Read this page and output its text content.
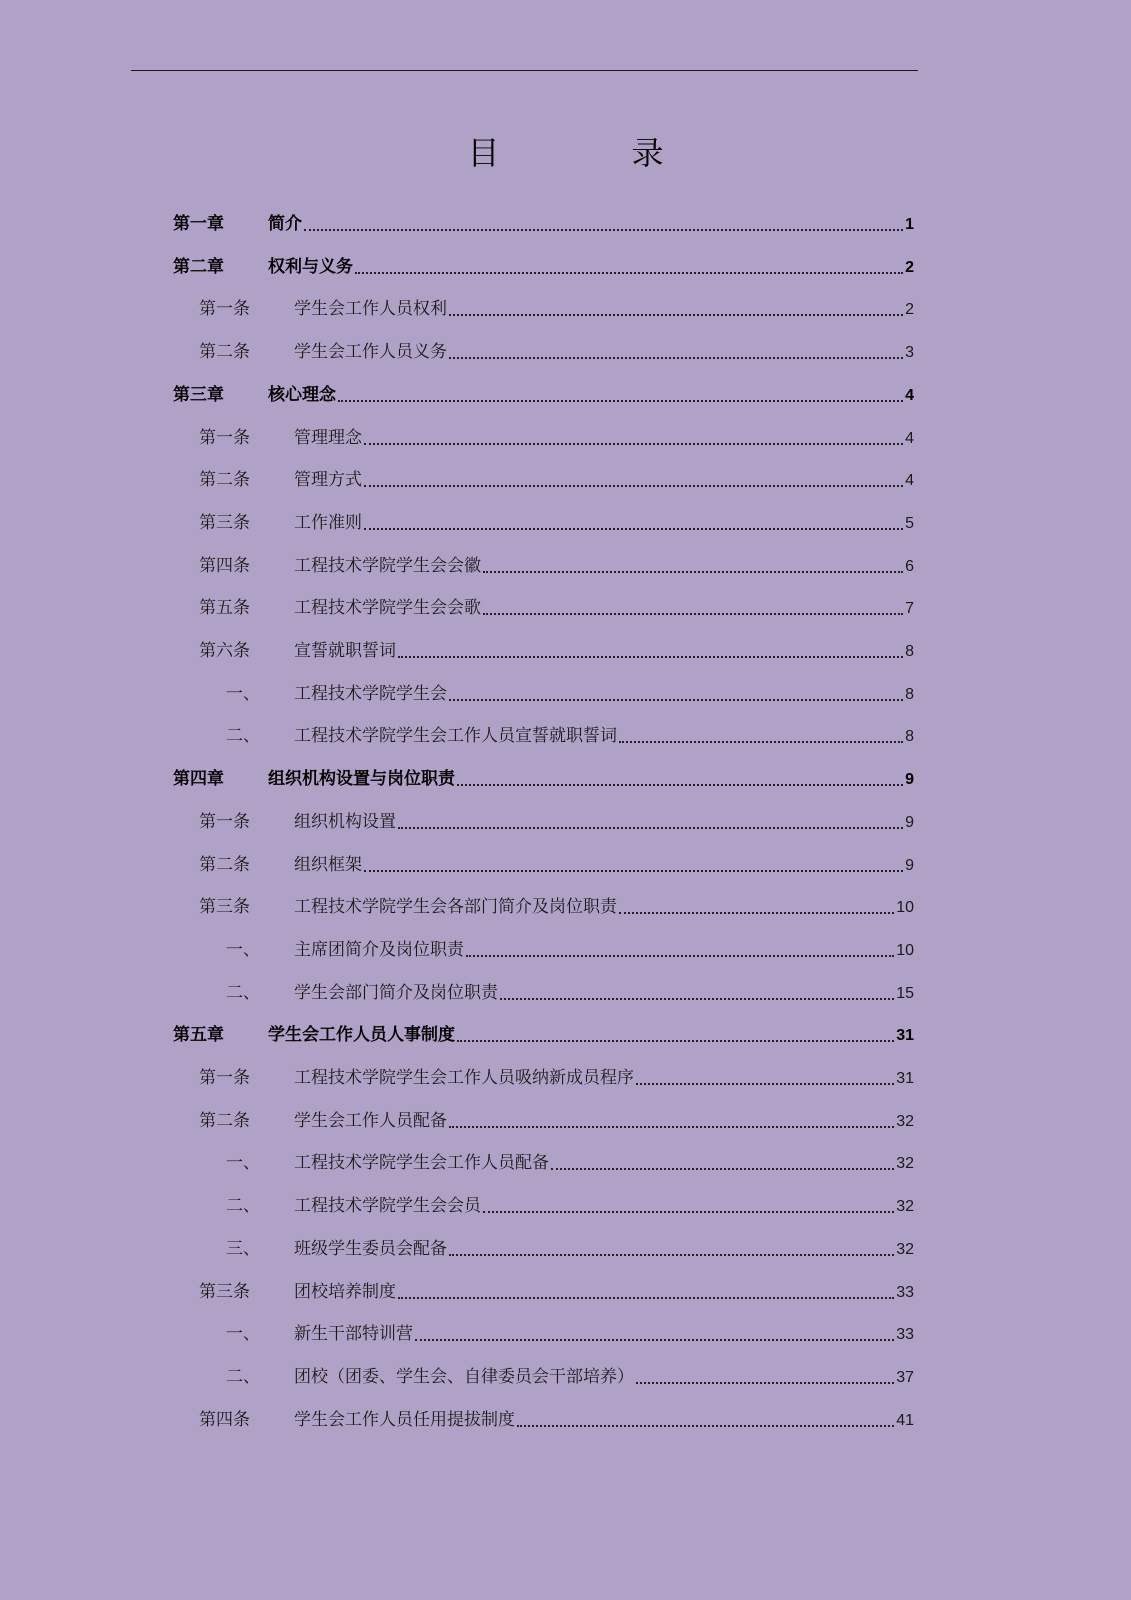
目　录
第一章	简介	1
第二章	权利与义务	2
第一条	学生会工作人员权利	2
第二条	学生会工作人员义务	3
第三章	核心理念	4
第一条	管理理念	4
第二条	管理方式	4
第三条	工作准则	5
第四条	工程技术学院学生会会徽	6
第五条	工程技术学院学生会会歌	7
第六条	宣誓就职誓词	8
一、	工程技术学院学生会	8
二、	工程技术学院学生会工作人员宣誓就职誓词	8
第四章	组织机构设置与岗位职责	9
第一条	组织机构设置	9
第二条	组织框架	9
第三条	工程技术学院学生会各部门简介及岗位职责	10
一、	主席团简介及岗位职责	10
二、	学生会部门简介及岗位职责	15
第五章	学生会工作人员人事制度	31
第一条	工程技术学院学生会工作人员吸纳新成员程序	31
第二条	学生会工作人员配备	32
一、	工程技术学院学生会工作人员配备	32
二、	工程技术学院学生会会员	32
三、	班级学生委员会配备	32
第三条	团校培养制度	33
一、	新生干部特训营	33
二、	团校（团委、学生会、自律委员会干部培养）	37
第四条	学生会工作人员任用提拔制度	41
